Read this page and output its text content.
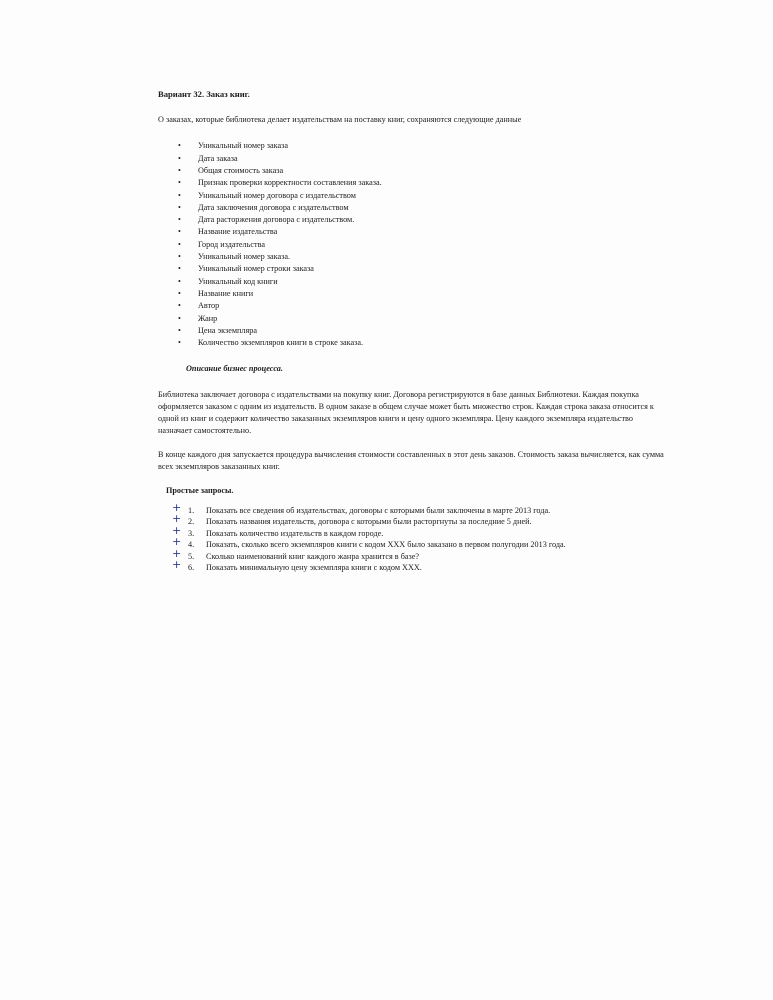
Вариант 32. Заказ книг.
О заказах, которые библиотека делает издательствам на поставку книг, сохраняются следующие данные
• Уникальный номер заказа
• Дата заказа
• Общая стоимость заказа
• Признак проверки корректности составления заказа.
• Уникальный номер договора с издательством
• Дата заключения договора с издательством
• Дата расторжения договора с издательством.
• Название издательства
• Город издательства
• Уникальный номер заказа.
• Уникальный номер строки заказа
• Уникальный код книги
• Название книги
• Автор
• Жанр
• Цена экземпляра
• Количество экземпляров книги в строке заказа.
Описание бизнес процесса.
Библиотека заключает договора с издательствами на покупку книг. Договора регистрируются в базе данных Библиотеки. Каждая покупка оформляется заказом с одним из издательств. В одном заказе в общем случае может быть множество строк. Каждая строка заказа относится к одной из книг и содержит количество заказанных экземпляров книги и цену одного экземпляра. Цену каждого экземпляра издательство назначает самостоятельно.
В конце каждого дня запускается процедура вычисления стоимости составленных в этот день заказов. Стоимость заказа вычисляется, как сумма всех экземпляров заказанных книг.
Простые запросы.
+ 1. Показать все сведения об издательствах, договоры с которыми были заключены в марте 2013 года.
+ 2. Показать названия издательств, договора с которыми были расторгнуты за последние 5 дней.
+ 3. Показать количество издательств в каждом городе.
+ 4. Показать, сколько всего экземпляров книги с кодом ХХХ было заказано в первом полугодии 2013 года.
+ 5. Сколько наименований книг каждого жанра хранится в базе?
+ 6. Показать минимальную цену экземпляра книги с кодом ХХХ.
